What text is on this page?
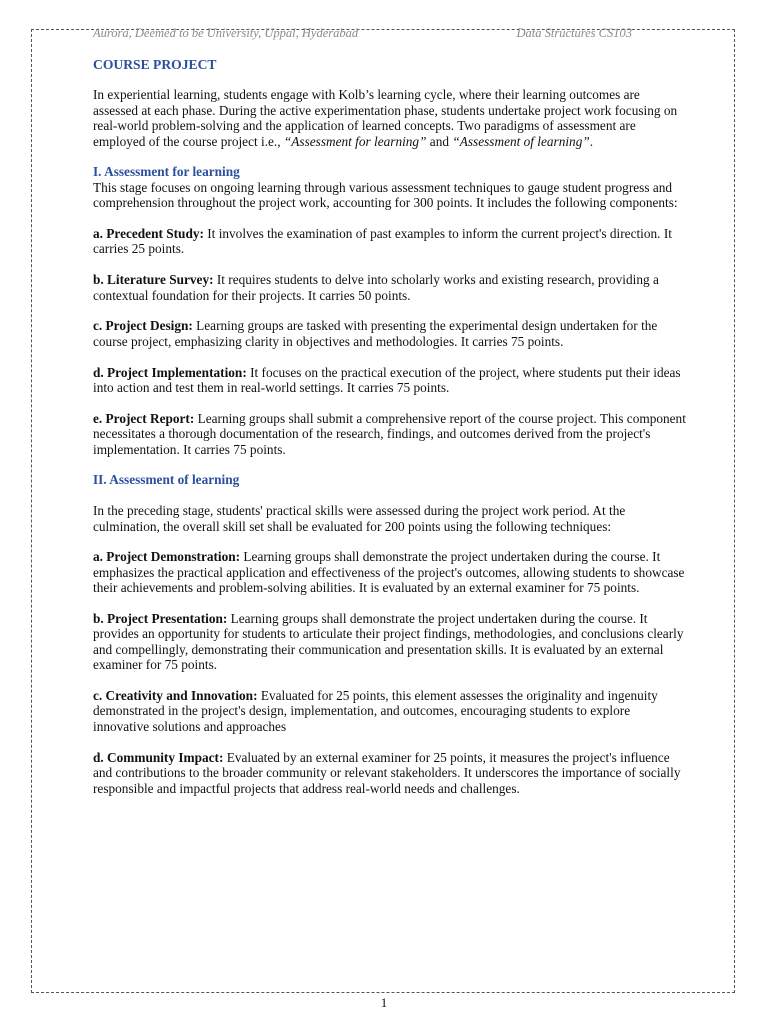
Aurora, Deemed to be University, Uppal, Hyderabad	Data Structures CS103

COURSE PROJECT

In experiential learning, students engage with Kolb’s learning cycle, where their learning outcomes are assessed at each phase. During the active experimentation phase, students undertake project work focusing on real-world problem-solving and the application of learned concepts. Two paradigms of assessment are employed of the course project i.e., “Assessment for learning” and “Assessment of learning”.

I. Assessment for learning

This stage focuses on ongoing learning through various assessment techniques to gauge student progress and comprehension throughout the project work, accounting for 300 points. It includes the following components:

a. Precedent Study: It involves the examination of past examples to inform the current project's direction. It carries 25 points.

b. Literature Survey: It requires students to delve into scholarly works and existing research, providing a contextual foundation for their projects. It carries 50 points.

c. Project Design: Learning groups are tasked with presenting the experimental design undertaken for the course project, emphasizing clarity in objectives and methodologies. It carries 75 points.

d. Project Implementation: It focuses on the practical execution of the project, where students put their ideas into action and test them in real-world settings. It carries 75 points.

e. Project Report: Learning groups shall submit a comprehensive report of the course project. This component necessitates a thorough documentation of the research, findings, and outcomes derived from the project's implementation. It carries 75 points.

II. Assessment of learning

In the preceding stage, students' practical skills were assessed during the project work period. At the culmination, the overall skill set shall be evaluated for 200 points using the following techniques:

a. Project Demonstration: Learning groups shall demonstrate the project undertaken during the course. It emphasizes the practical application and effectiveness of the project's outcomes, allowing students to showcase their achievements and problem-solving abilities. It is evaluated by an external examiner for 75 points.

b. Project Presentation: Learning groups shall demonstrate the project undertaken during the course. It provides an opportunity for students to articulate their project findings, methodologies, and conclusions clearly and compellingly, demonstrating their communication and presentation skills. It is evaluated by an external examiner for 75 points.

c. Creativity and Innovation: Evaluated for 25 points, this element assesses the originality and ingenuity demonstrated in the project's design, implementation, and outcomes, encouraging students to explore innovative solutions and approaches

d. Community Impact: Evaluated by an external examiner for 25 points, it measures the project's influence and contributions to the broader community or relevant stakeholders. It underscores the importance of socially responsible and impactful projects that address real-world needs and challenges.

1
